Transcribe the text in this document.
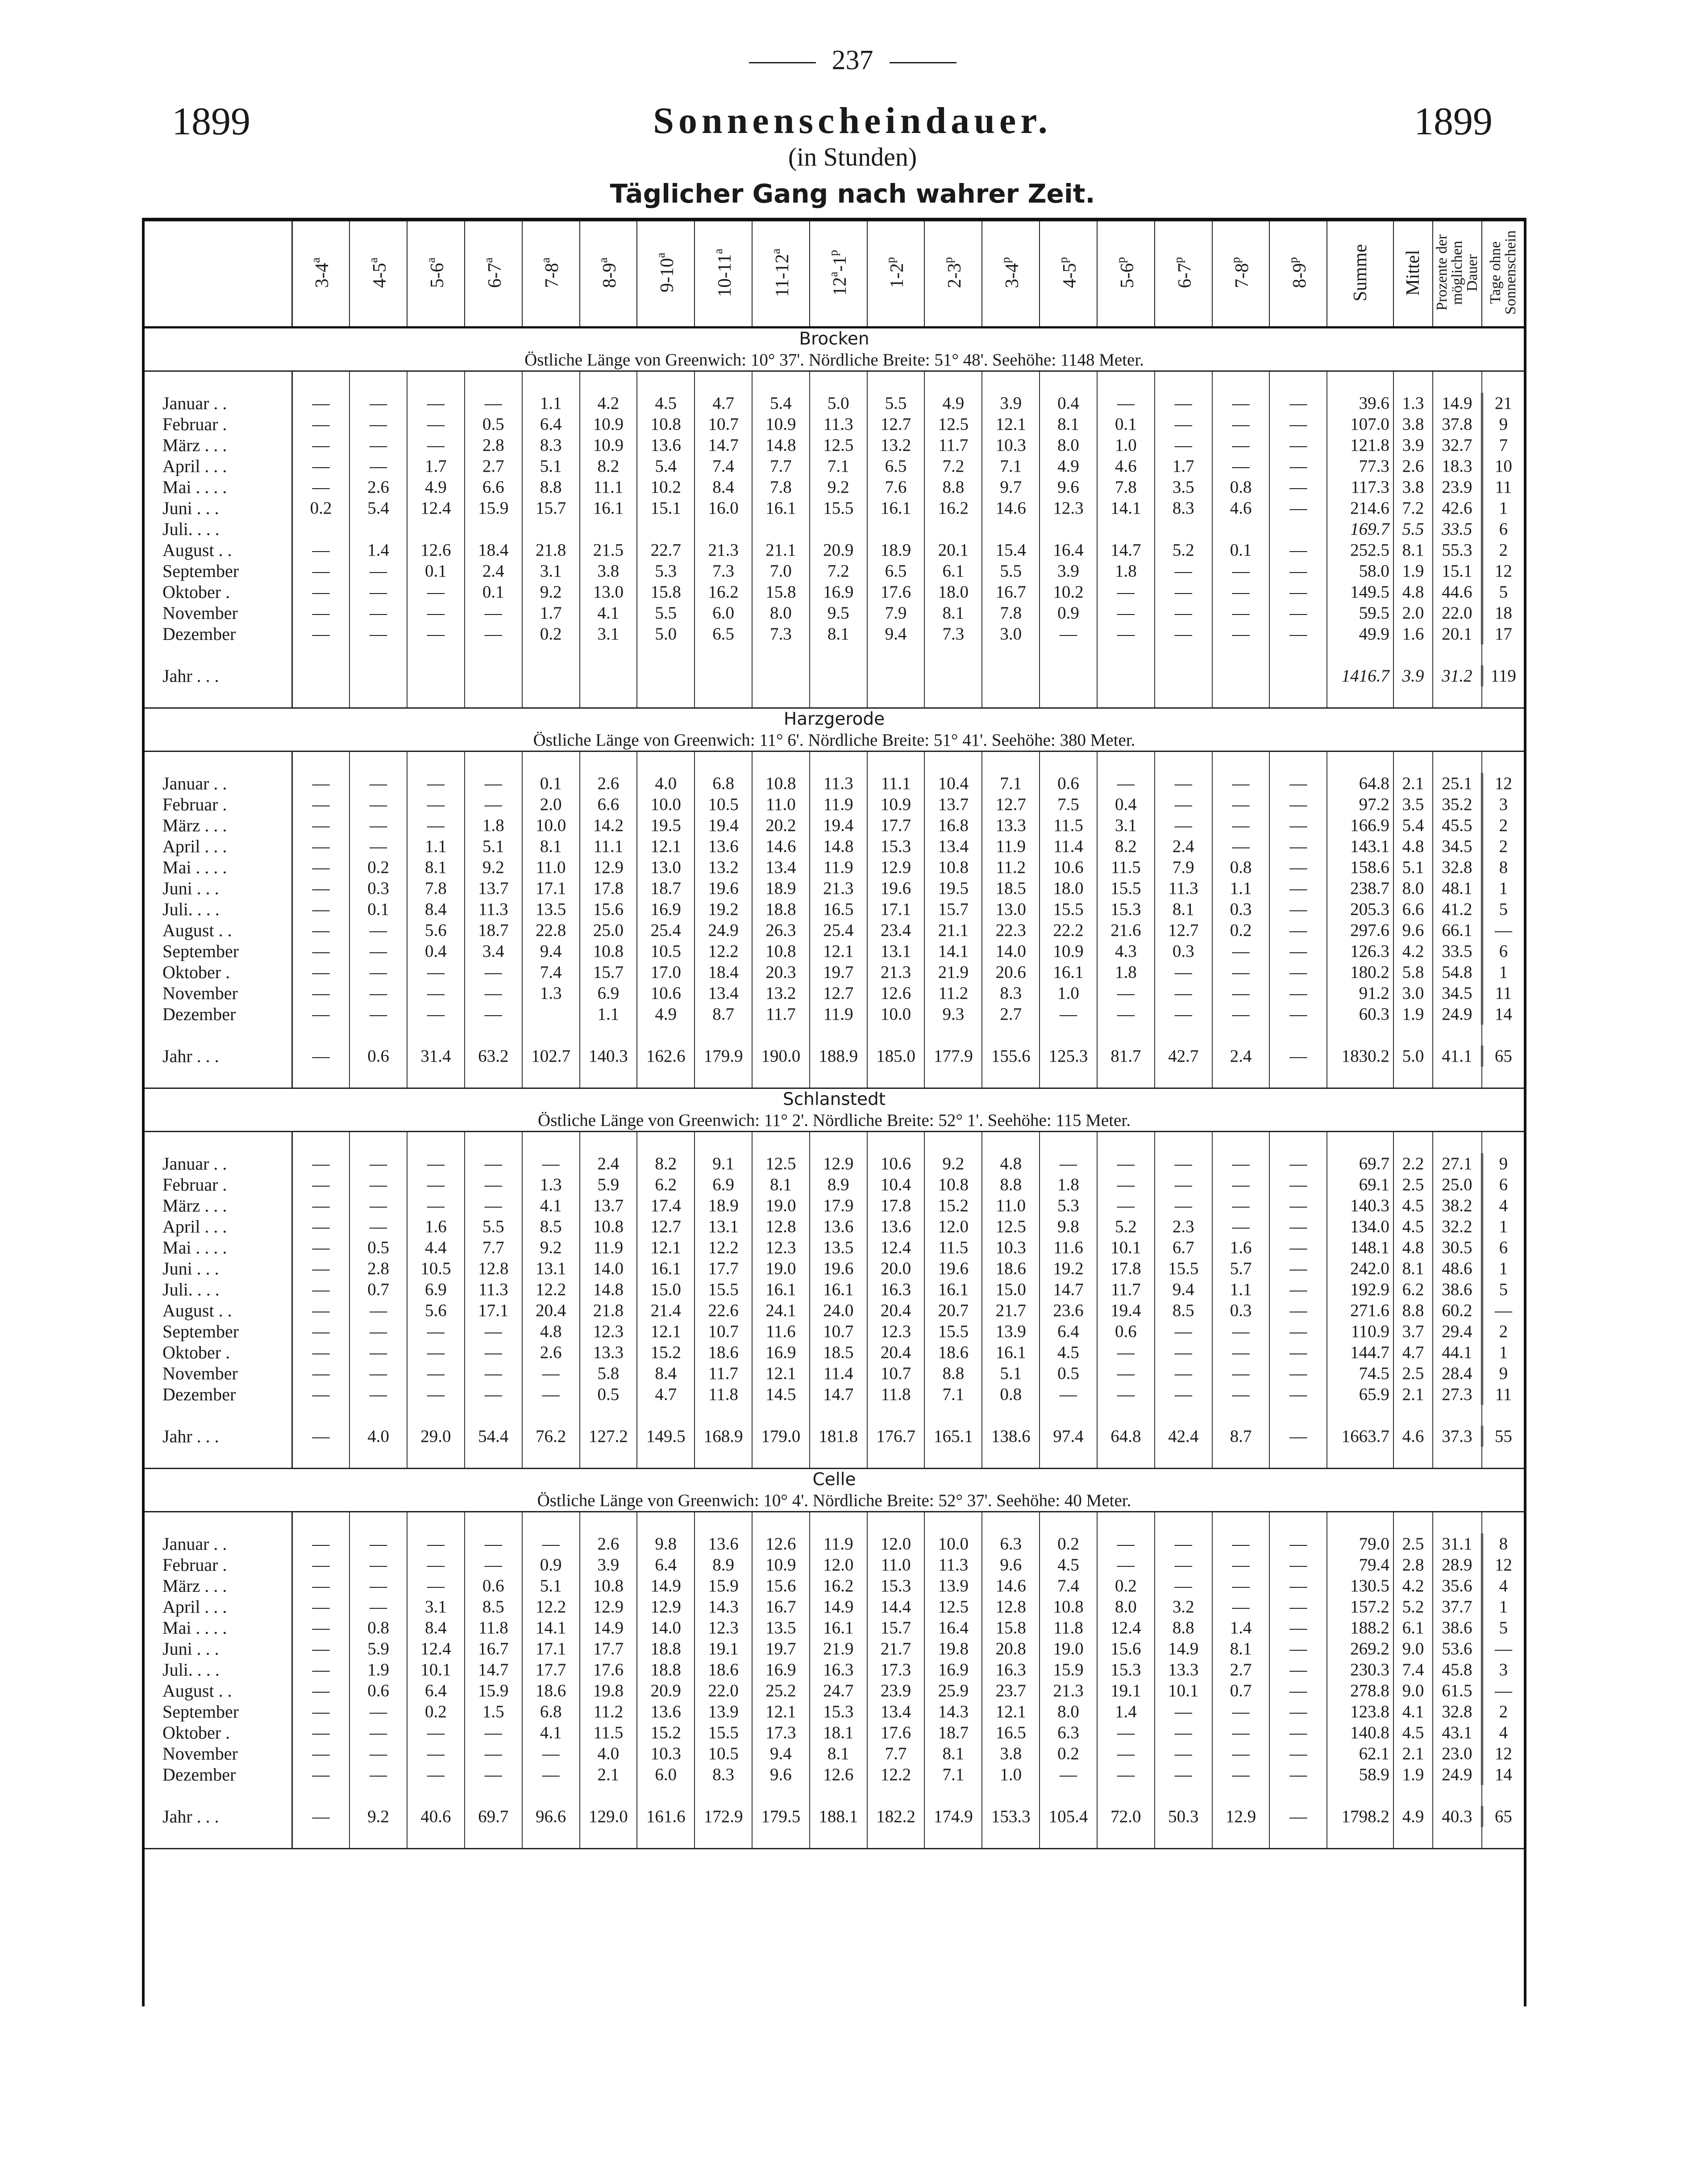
237
1899	Sonnenscheindauer.	1899
(in Stunden)
Täglicher Gang nach wahrer Zeit.
	3-4$^a$	4-5$^a$	5-6$^a$	6-7$^a$	7-8$^a$	8-9$^a$	9-10$^a$	10-11$^a$	11-12$^a$	12$^a$-1$^p$	1-2$^p$	2-3$^p$	3-4$^p$	4-5$^p$	5-6$^p$	6-7$^p$	7-8$^p$	8-9$^p$	Summe	Mittel	Prozente der möglichen Dauer	Tage ohne Sonnenschein
Brocken																						
Östliche Länge von Greenwich: 10° 37'. Nördliche Breite: 51° 48'. Seehöhe: 1148 Meter.																						

Januar . .	—	—	—	—	1.1	4.2	4.5	4.7	5.4	5.0	5.5	4.9	3.9	0.4	—	—	—	—	39.6	1.3	14.9	21
Februar .	—	—	—	0.5	6.4	10.9	10.8	10.7	10.9	11.3	12.7	12.5	12.1	8.1	0.1	—	—	—	107.0	3.8	37.8	9
März . . .	—	—	—	2.8	8.3	10.9	13.6	14.7	14.8	12.5	13.2	11.7	10.3	8.0	1.0	—	—	—	121.8	3.9	32.7	7
April . . .	—	—	1.7	2.7	5.1	8.2	5.4	7.4	7.7	7.1	6.5	7.2	7.1	4.9	4.6	1.7	—	—	77.3	2.6	18.3	10
Mai . . . .	—	2.6	4.9	6.6	8.8	11.1	10.2	8.4	7.8	9.2	7.6	8.8	9.7	9.6	7.8	3.5	0.8	—	117.3	3.8	23.9	11
Juni . . .	0.2	5.4	12.4	15.9	15.7	16.1	15.1	16.0	16.1	15.5	16.1	16.2	14.6	12.3	14.1	8.3	4.6	—	214.6	7.2	42.6	1
Juli. . . .																			169.7	5.5	33.5	6
August . .	—	1.4	12.6	18.4	21.8	21.5	22.7	21.3	21.1	20.9	18.9	20.1	15.4	16.4	14.7	5.2	0.1	—	252.5	8.1	55.3	2
September	—	—	0.1	2.4	3.1	3.8	5.3	7.3	7.0	7.2	6.5	6.1	5.5	3.9	1.8	—	—	—	58.0	1.9	15.1	12
Oktober .	—	—	—	0.1	9.2	13.0	15.8	16.2	15.8	16.9	17.6	18.0	16.7	10.2	—	—	—	—	149.5	4.8	44.6	5
November	—	—	—	—	1.7	4.1	5.5	6.0	8.0	9.5	7.9	8.1	7.8	0.9	—	—	—	—	59.5	2.0	22.0	18
Dezember	—	—	—	—	0.2	3.1	5.0	6.5	7.3	8.1	9.4	7.3	3.0	—	—	—	—	—	49.9	1.6	20.1	17

Jahr . . .																			1416.7	3.9	31.2	119

Harzgerode																						
Östliche Länge von Greenwich: 11° 6'. Nördliche Breite: 51° 41'. Seehöhe: 380 Meter.																						

Januar . .	—	—	—	—	0.1	2.6	4.0	6.8	10.8	11.3	11.1	10.4	7.1	0.6	—	—	—	—	64.8	2.1	25.1	12
Februar .	—	—	—	—	2.0	6.6	10.0	10.5	11.0	11.9	10.9	13.7	12.7	7.5	0.4	—	—	—	97.2	3.5	35.2	3
März . . .	—	—	—	1.8	10.0	14.2	19.5	19.4	20.2	19.4	17.7	16.8	13.3	11.5	3.1	—	—	—	166.9	5.4	45.5	2
April . . .	—	—	1.1	5.1	8.1	11.1	12.1	13.6	14.6	14.8	15.3	13.4	11.9	11.4	8.2	2.4	—	—	143.1	4.8	34.5	2
Mai . . . .	—	0.2	8.1	9.2	11.0	12.9	13.0	13.2	13.4	11.9	12.9	10.8	11.2	10.6	11.5	7.9	0.8	—	158.6	5.1	32.8	8
Juni . . .	—	0.3	7.8	13.7	17.1	17.8	18.7	19.6	18.9	21.3	19.6	19.5	18.5	18.0	15.5	11.3	1.1	—	238.7	8.0	48.1	1
Juli. . . .	—	0.1	8.4	11.3	13.5	15.6	16.9	19.2	18.8	16.5	17.1	15.7	13.0	15.5	15.3	8.1	0.3	—	205.3	6.6	41.2	5
August . .	—	—	5.6	18.7	22.8	25.0	25.4	24.9	26.3	25.4	23.4	21.1	22.3	22.2	21.6	12.7	0.2	—	297.6	9.6	66.1	—
September	—	—	0.4	3.4	9.4	10.8	10.5	12.2	10.8	12.1	13.1	14.1	14.0	10.9	4.3	0.3	—	—	126.3	4.2	33.5	6
Oktober .	—	—	—	—	7.4	15.7	17.0	18.4	20.3	19.7	21.3	21.9	20.6	16.1	1.8	—	—	—	180.2	5.8	54.8	1
November	—	—	—	—	1.3	6.9	10.6	13.4	13.2	12.7	12.6	11.2	8.3	1.0	—	—	—	—	91.2	3.0	34.5	11
Dezember	—	—	—	—		1.1	4.9	8.7	11.7	11.9	10.0	9.3	2.7	—	—	—	—	—	60.3	1.9	24.9	14

Jahr . . .	—	0.6	31.4	63.2	102.7	140.3	162.6	179.9	190.0	188.9	185.0	177.9	155.6	125.3	81.7	42.7	2.4	—	1830.2	5.0	41.1	65

Schlanstedt																						
Östliche Länge von Greenwich: 11° 2'. Nördliche Breite: 52° 1'. Seehöhe: 115 Meter.																						

Januar . .	—	—	—	—	—	2.4	8.2	9.1	12.5	12.9	10.6	9.2	4.8	—	—	—	—	—	69.7	2.2	27.1	9
Februar .	—	—	—	—	1.3	5.9	6.2	6.9	8.1	8.9	10.4	10.8	8.8	1.8	—	—	—	—	69.1	2.5	25.0	6
März . . .	—	—	—	—	4.1	13.7	17.4	18.9	19.0	17.9	17.8	15.2	11.0	5.3	—	—	—	—	140.3	4.5	38.2	4
April . . .	—	—	1.6	5.5	8.5	10.8	12.7	13.1	12.8	13.6	13.6	12.0	12.5	9.8	5.2	2.3	—	—	134.0	4.5	32.2	1
Mai . . . .	—	0.5	4.4	7.7	9.2	11.9	12.1	12.2	12.3	13.5	12.4	11.5	10.3	11.6	10.1	6.7	1.6	—	148.1	4.8	30.5	6
Juni . . .	—	2.8	10.5	12.8	13.1	14.0	16.1	17.7	19.0	19.6	20.0	19.6	18.6	19.2	17.8	15.5	5.7	—	242.0	8.1	48.6	1
Juli. . . .	—	0.7	6.9	11.3	12.2	14.8	15.0	15.5	16.1	16.1	16.3	16.1	15.0	14.7	11.7	9.4	1.1	—	192.9	6.2	38.6	5
August . .	—	—	5.6	17.1	20.4	21.8	21.4	22.6	24.1	24.0	20.4	20.7	21.7	23.6	19.4	8.5	0.3	—	271.6	8.8	60.2	—
September	—	—	—	—	4.8	12.3	12.1	10.7	11.6	10.7	12.3	15.5	13.9	6.4	0.6	—	—	—	110.9	3.7	29.4	2
Oktober .	—	—	—	—	2.6	13.3	15.2	18.6	16.9	18.5	20.4	18.6	16.1	4.5	—	—	—	—	144.7	4.7	44.1	1
November	—	—	—	—	—	5.8	8.4	11.7	12.1	11.4	10.7	8.8	5.1	0.5	—	—	—	—	74.5	2.5	28.4	9
Dezember	—	—	—	—	—	0.5	4.7	11.8	14.5	14.7	11.8	7.1	0.8	—	—	—	—	—	65.9	2.1	27.3	11

Jahr . . .	—	4.0	29.0	54.4	76.2	127.2	149.5	168.9	179.0	181.8	176.7	165.1	138.6	97.4	64.8	42.4	8.7	—	1663.7	4.6	37.3	55

Celle																						
Östliche Länge von Greenwich: 10° 4'. Nördliche Breite: 52° 37'. Seehöhe: 40 Meter.																						

Januar . .	—	—	—	—	—	2.6	9.8	13.6	12.6	11.9	12.0	10.0	6.3	0.2	—	—	—	—	79.0	2.5	31.1	8
Februar .	—	—	—	—	0.9	3.9	6.4	8.9	10.9	12.0	11.0	11.3	9.6	4.5	—	—	—	—	79.4	2.8	28.9	12
März . . .	—	—	—	0.6	5.1	10.8	14.9	15.9	15.6	16.2	15.3	13.9	14.6	7.4	0.2	—	—	—	130.5	4.2	35.6	4
April . . .	—	—	3.1	8.5	12.2	12.9	12.9	14.3	16.7	14.9	14.4	12.5	12.8	10.8	8.0	3.2	—	—	157.2	5.2	37.7	1
Mai . . . .	—	0.8	8.4	11.8	14.1	14.9	14.0	12.3	13.5	16.1	15.7	16.4	15.8	11.8	12.4	8.8	1.4	—	188.2	6.1	38.6	5
Juni . . .	—	5.9	12.4	16.7	17.1	17.7	18.8	19.1	19.7	21.9	21.7	19.8	20.8	19.0	15.6	14.9	8.1	—	269.2	9.0	53.6	—
Juli. . . .	—	1.9	10.1	14.7	17.7	17.6	18.8	18.6	16.9	16.3	17.3	16.9	16.3	15.9	15.3	13.3	2.7	—	230.3	7.4	45.8	3
August . .	—	0.6	6.4	15.9	18.6	19.8	20.9	22.0	25.2	24.7	23.9	25.9	23.7	21.3	19.1	10.1	0.7	—	278.8	9.0	61.5	—
September	—	—	0.2	1.5	6.8	11.2	13.6	13.9	12.1	15.3	13.4	14.3	12.1	8.0	1.4	—	—	—	123.8	4.1	32.8	2
Oktober .	—	—	—	—	4.1	11.5	15.2	15.5	17.3	18.1	17.6	18.7	16.5	6.3	—	—	—	—	140.8	4.5	43.1	4
November	—	—	—	—	—	4.0	10.3	10.5	9.4	8.1	7.7	8.1	3.8	0.2	—	—	—	—	62.1	2.1	23.0	12
Dezember	—	—	—	—	—	2.1	6.0	8.3	9.6	12.6	12.2	7.1	1.0	—	—	—	—	—	58.9	1.9	24.9	14

Jahr . . .	—	9.2	40.6	69.7	96.6	129.0	161.6	172.9	179.5	188.1	182.2	174.9	153.3	105.4	72.0	50.3	12.9	—	1798.2	4.9	40.3	65
